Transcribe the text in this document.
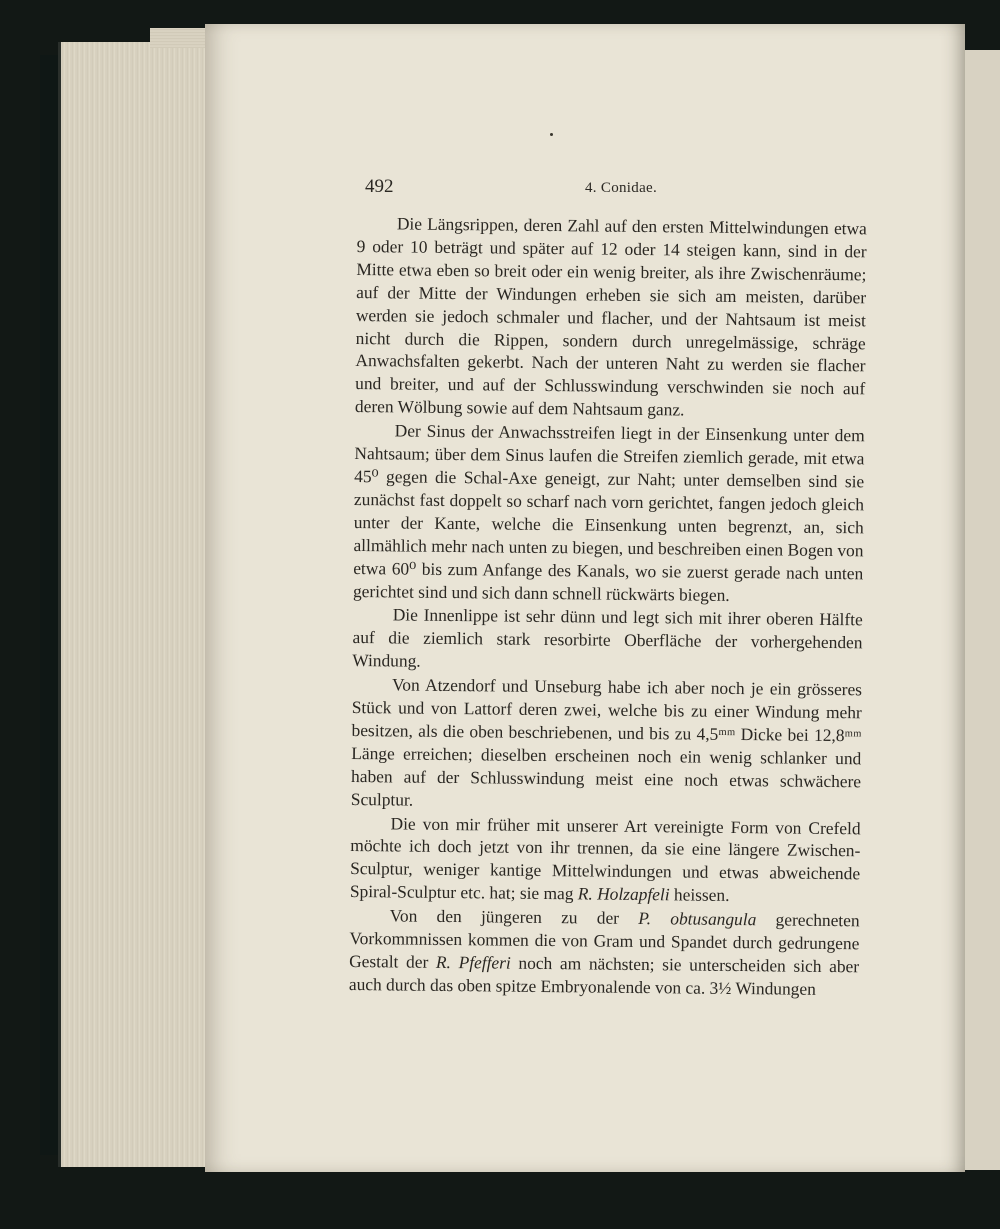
492	4. Conidae.

Die Längsrippen, deren Zahl auf den ersten Mittelwindungen etwa 9 oder 10 beträgt und später auf 12 oder 14 steigen kann, sind in der Mitte etwa eben so breit oder ein wenig breiter, als ihre Zwischenräume; auf der Mitte der Windungen erheben sie sich am meisten, darüber werden sie jedoch schmaler und flacher, und der Nahtsaum ist meist nicht durch die Rippen, sondern durch unregelmässige, schräge Anwachsfalten gekerbt. Nach der unteren Naht zu werden sie flacher und breiter, und auf der Schlusswindung verschwinden sie noch auf deren Wölbung sowie auf dem Nahtsaum ganz.

Der Sinus der Anwachsstreifen liegt in der Einsenkung unter dem Nahtsaum; über dem Sinus laufen die Streifen ziemlich gerade, mit etwa 45⁰ gegen die Schal-Axe geneigt, zur Naht; unter demselben sind sie zunächst fast doppelt so scharf nach vorn gerichtet, fangen jedoch gleich unter der Kante, welche die Einsenkung unten begrenzt, an, sich allmählich mehr nach unten zu biegen, und beschreiben einen Bogen von etwa 60⁰ bis zum Anfange des Kanals, wo sie zuerst gerade nach unten gerichtet sind und sich dann schnell rückwärts biegen.

Die Innenlippe ist sehr dünn und legt sich mit ihrer oberen Hälfte auf die ziemlich stark resorbirte Oberfläche der vorhergehenden Windung.

Von Atzendorf und Unseburg habe ich aber noch je ein grösseres Stück und von Lattorf deren zwei, welche bis zu einer Windung mehr besitzen, als die oben beschriebenen, und bis zu 4,5ᵐᵐ Dicke bei 12,8ᵐᵐ Länge erreichen; dieselben erscheinen noch ein wenig schlanker und haben auf der Schlusswindung meist eine noch etwas schwächere Sculptur.

Die von mir früher mit unserer Art vereinigte Form von Crefeld möchte ich doch jetzt von ihr trennen, da sie eine längere Zwischen-Sculptur, weniger kantige Mittelwindungen und etwas abweichende Spiral-Sculptur etc. hat; sie mag R. Holzapfeli heissen.

Von den jüngeren zu der P. obtusangula gerechneten Vorkommnissen kommen die von Gram und Spandet durch gedrungene Gestalt der R. Pfefferi noch am nächsten; sie unterscheiden sich aber auch durch das oben spitze Embryonalende von ca. 3½ Windungen
